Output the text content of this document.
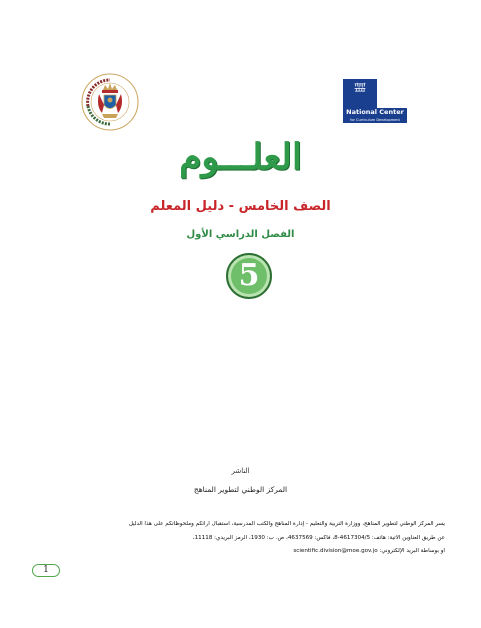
National Center
for Curriculum Development
العلـــوم
الصف الخامس - دليل المعلم
الفصل الدراسي الأول
5
الناشر
المركز الوطني لتطوير المناهج
يسر المركز الوطني لتطوير المناهج، ووزارة التربية والتعليم - إدارة المناهج والكتب المدرسية، استقبال آرائكم وملحوظاتكم على هذا الدليل
عن طريق العناوين الآتية: هاتف: 4617304/5-8، فاكس: 4637569، ص. ب: 1930، الرمز البريدي: 11118،
أو بوساطة البريد الإلكتروني: scientific.division@moe.gov.jo
1
